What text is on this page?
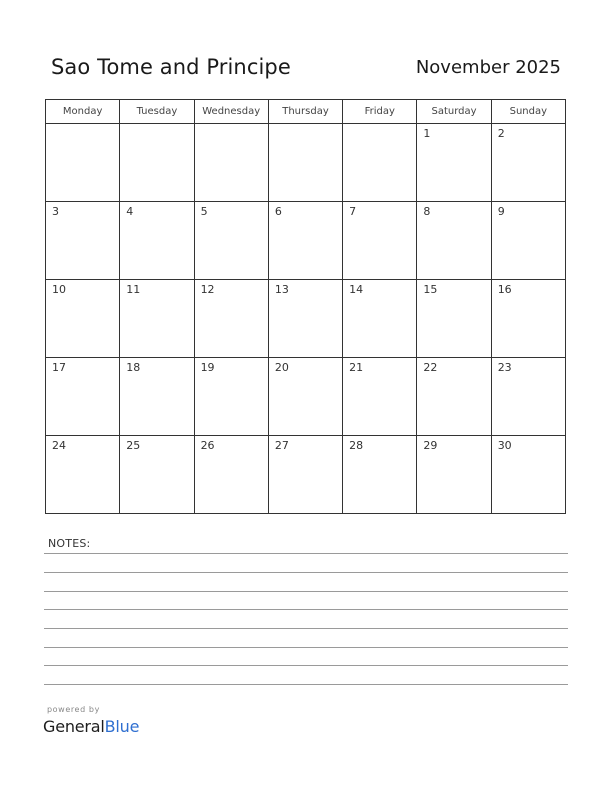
Sao Tome and Principe	November 2025
Monday	Tuesday	Wednesday	Thursday	Friday	Saturday	Sunday

					1	2

3	4	5	6	7	8	9

10	11	12	13	14	15	16

17	18	19	20	21	22	23

24	25	26	27	28	29	30
NOTES:
powered by
GeneralBlue
